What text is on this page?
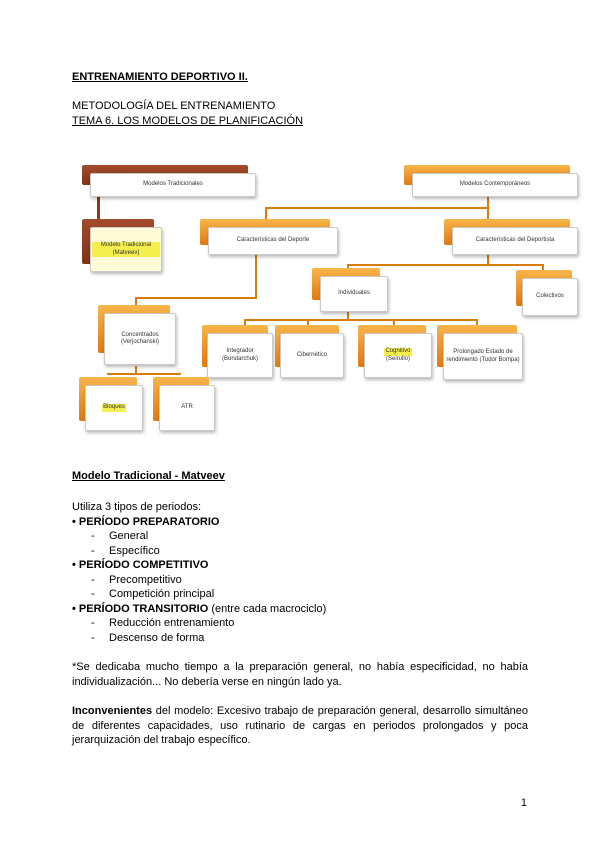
ENTRENAMIENTO DEPORTIVO II.
METODOLOGÍA DEL ENTRENAMIENTO
TEMA 6. LOS MODELOS DE PLANIFICACIÓN
Modelos Tradicionales	Modelos Contemporáneos
Modelo Tradicional (Matveev)
Características del Deporte	Características del Deportista
Individuales	Colectivos
Concentrados (Verjochanski)
Integrador (Bondarchuk)
Cibernético
Cognitivo
(Seirullo)
Prolongado Estado de rendimiento (Tudor Bompa)
Bloques	ATR
Modelo Tradicional - Matveev
Utiliza 3 tipos de periodos:
• PERÍODO PREPARATORIO
- General
- Específico
• PERÍODO COMPETITIVO
- Precompetitivo
- Competición principal
• PERÍODO TRANSITORIO (entre cada macrociclo)
- Reducción entrenamiento
- Descenso de forma
*Se dedicaba mucho tiempo a la preparación general, no había especificidad, no había individualización... No debería verse en ningún lado ya.
Inconvenientes del modelo: Excesivo trabajo de preparación general, desarrollo simultáneo de diferentes capacidades, uso rutinario de cargas en periodos prolongados y poca jerarquización del trabajo específico.
1
